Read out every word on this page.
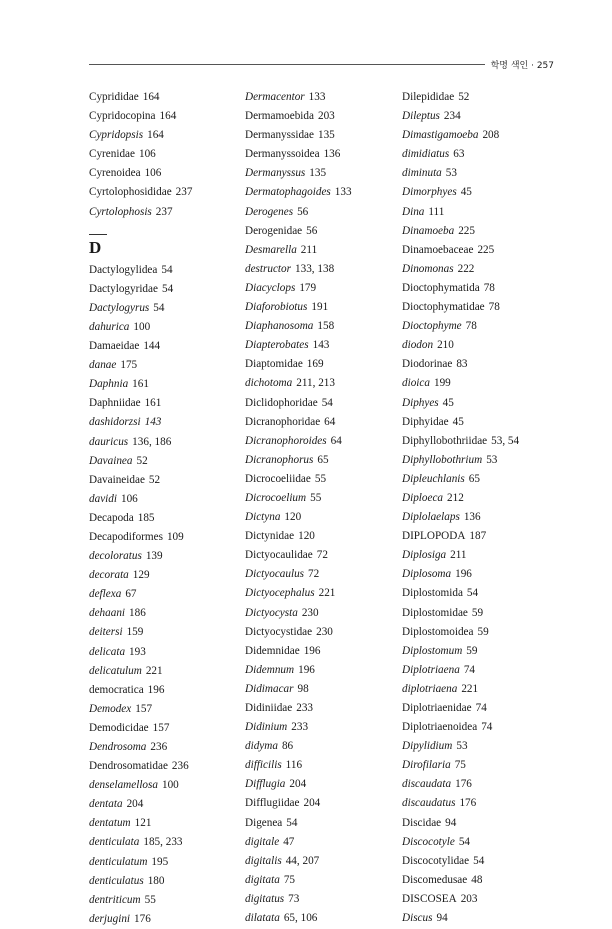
학명 색인 · 257
Cyprididae 164
Cypridocopina 164
Cypridopsis 164
Cyrenidae 106
Cyrenoidea 106
Cyrtolophosididae 237
Cyrtolophosis 237
D
Dactylogylidea 54
Dactylogyridae 54
Dactylogyrus 54
dahurica 100
Damaeidae 144
danae 175
Daphnia 161
Daphniidae 161
dashidorzsi 143
dauricus 136, 186
Davainea 52
Davaineidae 52
davidi 106
Decapoda 185
Decapodiformes 109
decoloratus 139
decorata 129
deflexa 67
dehaani 186
deitersi 159
delicata 193
delicatulum 221
democratica 196
Demodex 157
Demodicidae 157
Dendrosoma 236
Dendrosomatidae 236
denselamellosa 100
dentata 204
dentatum 121
denticulata 185, 233
denticulatum 195
denticulatus 180
dentriticum 55
derjugini 176
Dermacentor 133
Dermamoebida 203
Dermanyssidae 135
Dermanyssoidea 136
Dermanyssus 135
Dermatophagoides 133
Derogenes 56
Derogenidae 56
Desmarella 211
destructor 133, 138
Diacyclops 179
Diaforobiotus 191
Diaphanosoma 158
Diapterobates 143
Diaptomidae 169
dichotoma 211, 213
Diclidophoridae 54
Dicranophoridae 64
Dicranophoroides 64
Dicranophorus 65
Dicrocoeliidae 55
Dicrocoelium 55
Dictyna 120
Dictynidae 120
Dictyocaulidae 72
Dictyocaulus 72
Dictyocephalus 221
Dictyocysta 230
Dictyocystidae 230
Didemnidae 196
Didemnum 196
Didimacar 98
Didiniidae 233
Didinium 233
didyma 86
difficilis 116
Difflugia 204
Difflugiidae 204
Digenea 54
digitale 47
digitalis 44, 207
digitata 75
digitatus 73
dilatata 65, 106
Dilepididae 52
Dileptus 234
Dimastigamoeba 208
dimidiatus 63
diminuta 53
Dimorphyes 45
Dina 111
Dinamoeba 225
Dinamoebaceae 225
Dinomonas 222
Dioctophymatida 78
Dioctophymatidae 78
Dioctophyme 78
diodon 210
Diodorinae 83
dioica 199
Diphyes 45
Diphyidae 45
Diphyllobothriidae 53, 54
Diphyllobothrium 53
Dipleuchlanis 65
Diploeca 212
Diplolaelaps 136
DIPLOPODA 187
Diplosiga 211
Diplosoma 196
Diplostomida 54
Diplostomidae 59
Diplostomoidea 59
Diplostomum 59
Diplotriaena 74
diplotriaena 221
Diplotriaenidae 74
Diplotriaenoidea 74
Dipylidium 53
Dirofilaria 75
discaudata 176
discaudatus 176
Discidae 94
Discocotyle 54
Discocotylidae 54
Discomedusae 48
DISCOSEA 203
Discus 94
